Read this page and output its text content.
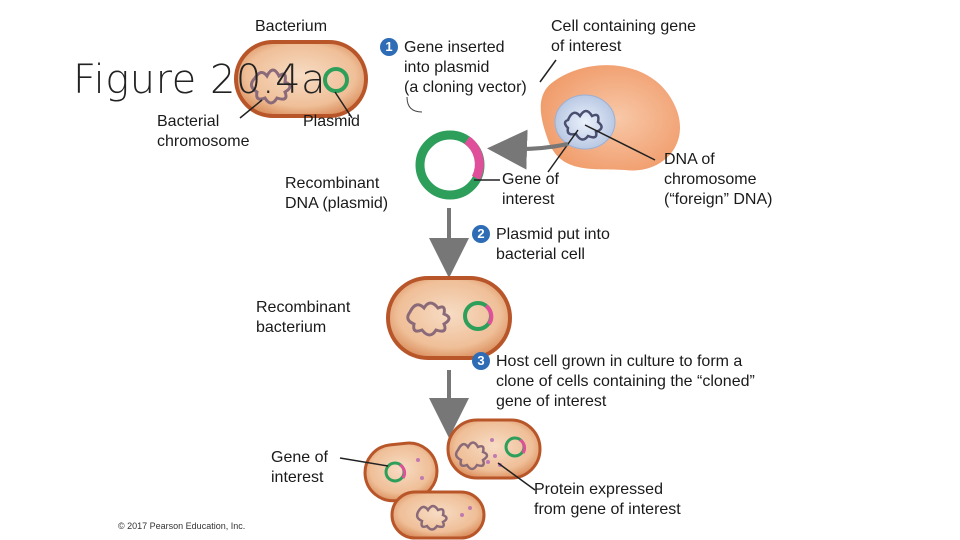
Figure 20.4a
Bacterium
Bacterial
chromosome
Plasmid
Cell containing gene
of interest
Recombinant
DNA (plasmid)
Gene of
interest
DNA of
chromosome
(“foreign” DNA)
Recombinant
bacterium
Gene of
interest
Protein expressed
from gene of interest
1 Gene inserted
into plasmid
(a cloning vector)
2 Plasmid put into
bacterial cell
3 Host cell grown in culture to form a
clone of cells containing the “cloned”
gene of interest
© 2017 Pearson Education, Inc.
